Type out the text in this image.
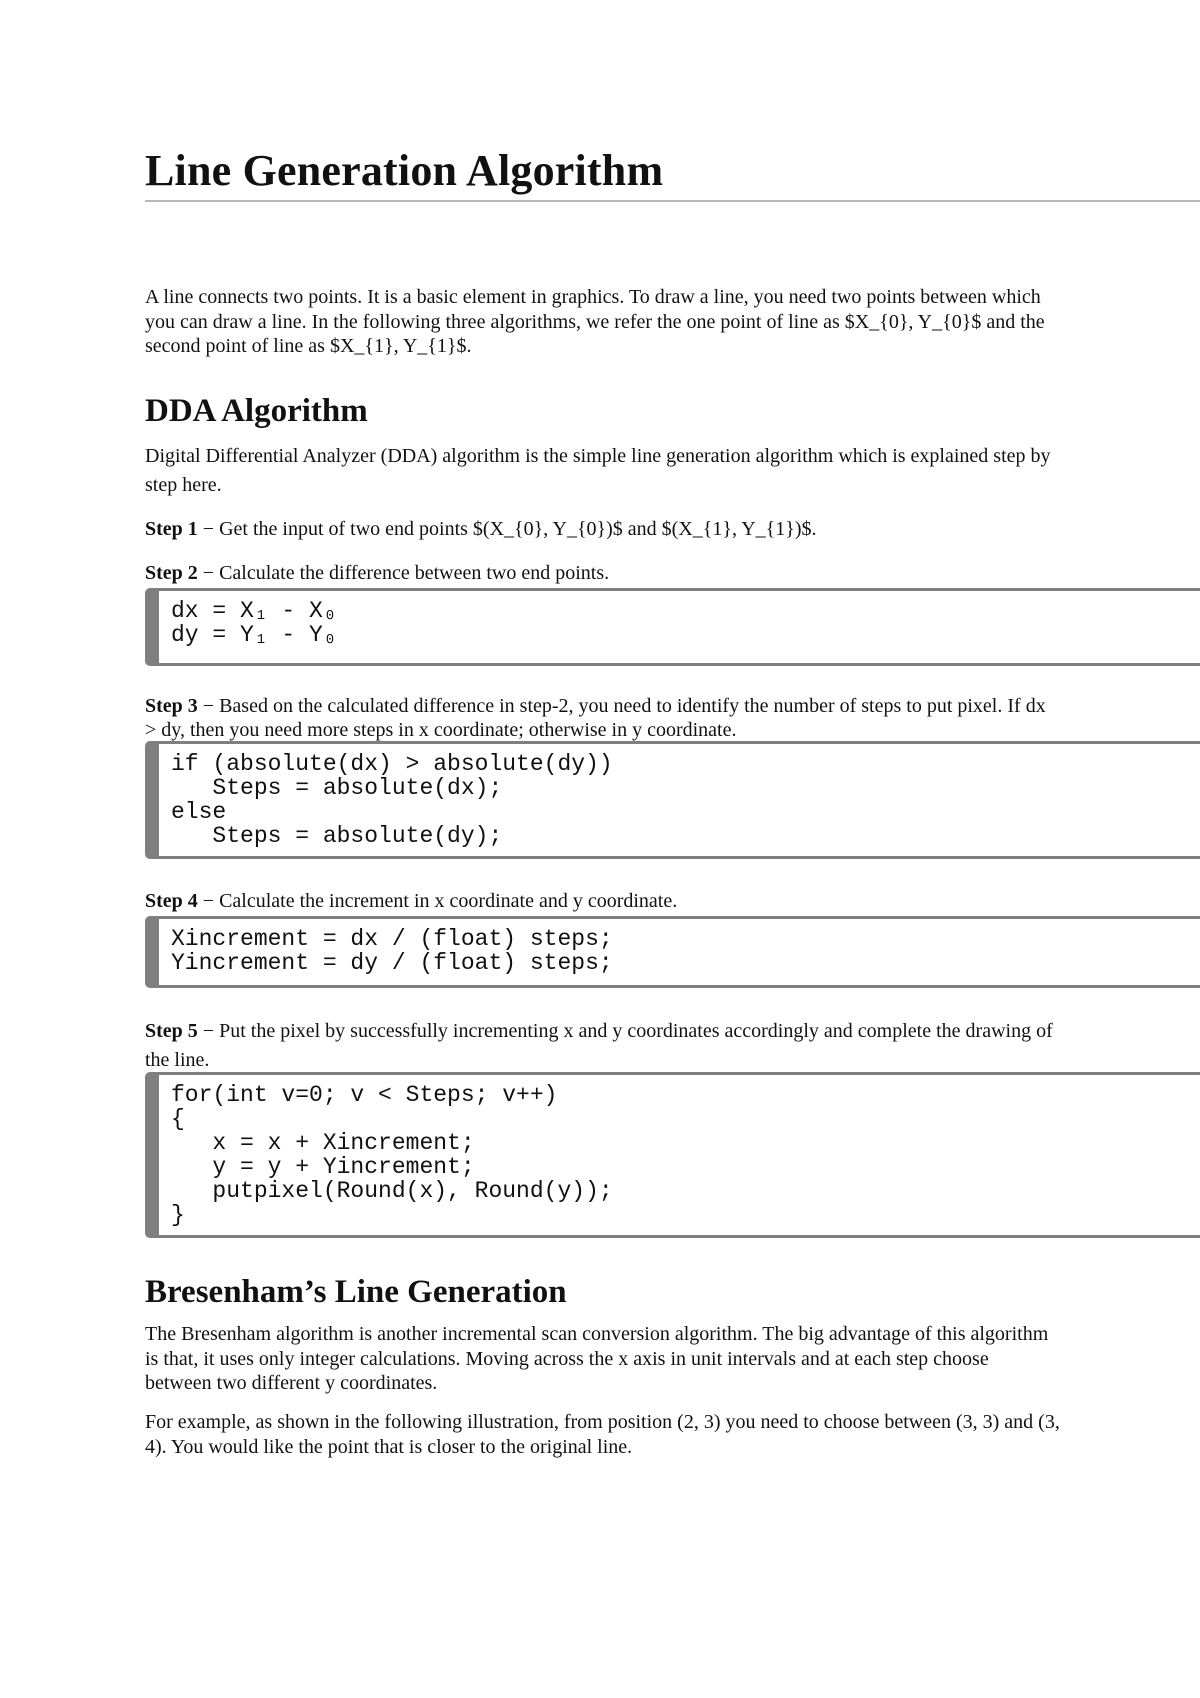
Line Generation Algorithm

A line connects two points. It is a basic element in graphics. To draw a line, you need two points between which you can draw a line. In the following three algorithms, we refer the one point of line as $X_{0}, Y_{0}$ and the second point of line as $X_{1}, Y_{1}$.

DDA Algorithm

Digital Differential Analyzer (DDA) algorithm is the simple line generation algorithm which is explained step by step here.

Step 1 − Get the input of two end points $(X_{0}, Y_{0})$ and $(X_{1}, Y_{1})$.

Step 2 − Calculate the difference between two end points.

dx = X₁ - X₀
dy = Y₁ - Y₀

Step 3 − Based on the calculated difference in step-2, you need to identify the number of steps to put pixel. If dx > dy, then you need more steps in x coordinate; otherwise in y coordinate.

if (absolute(dx) > absolute(dy))
Steps = absolute(dx);
else
Steps = absolute(dy);

Step 4 − Calculate the increment in x coordinate and y coordinate.

Xincrement = dx / (float) steps;
Yincrement = dy / (float) steps;

Step 5 − Put the pixel by successfully incrementing x and y coordinates accordingly and complete the drawing of the line.

for(int v=0; v < Steps; v++)
{
x = x + Xincrement;
y = y + Yincrement;
putpixel(Round(x), Round(y));
}
Bresenham’s Line Generation

The Bresenham algorithm is another incremental scan conversion algorithm. The big advantage of this algorithm is that, it uses only integer calculations. Moving across the x axis in unit intervals and at each step choose between two different y coordinates.

For example, as shown in the following illustration, from position (2, 3) you need to choose between (3, 3) and (3, 4). You would like the point that is closer to the original line.
